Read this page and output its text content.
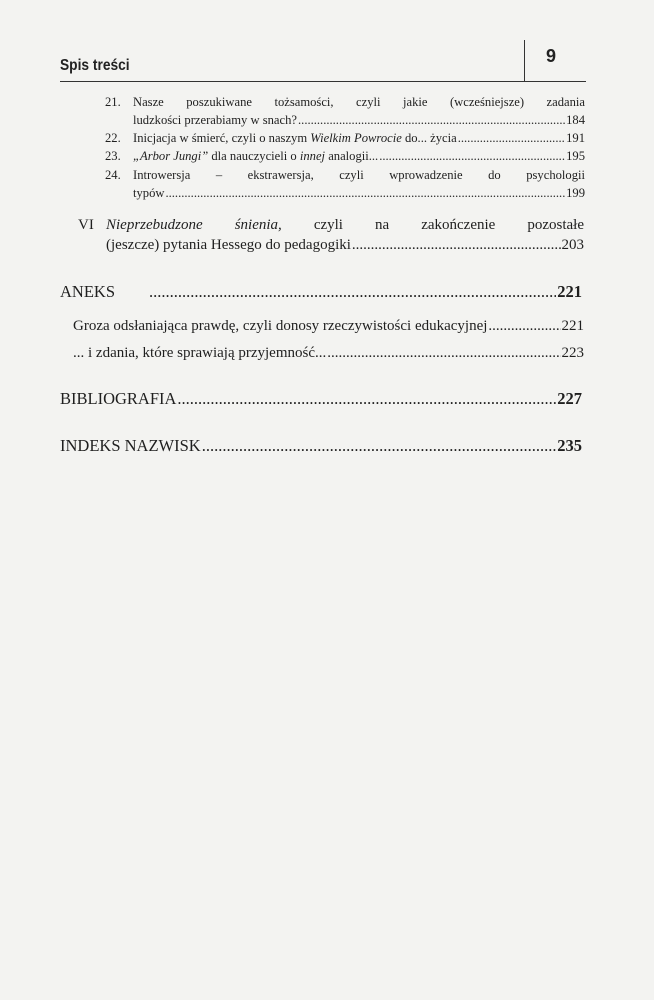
Spis treści	9
21. Nasze poszukiwane tożsamości, czyli jakie (wcześniejsze) zadania
ludzkości przerabiamy w snach? .....	184
22. Inicjacja w śmierć, czyli o naszym Wielkim Powrocie do... życia .....	191
23. „Arbor Jungi” dla nauczycieli o innej analogii... .....	195
24. Introwersja – ekstrawersja, czyli wprowadzenie do psychologii
typów .....	199
VI Nieprzebudzone śnienia, czyli na zakończenie pozostałe
(jeszcze) pytania Hessego do pedagogiki .....	203
ANEKS .....	221
Groza odsłaniająca prawdę, czyli donosy rzeczywistości edukacyjnej .....	221
... i zdania, które sprawiają przyjemność... .....	223
BIBLIOGRAFIA .....	227
INDEKS NAZWISK .....	235
